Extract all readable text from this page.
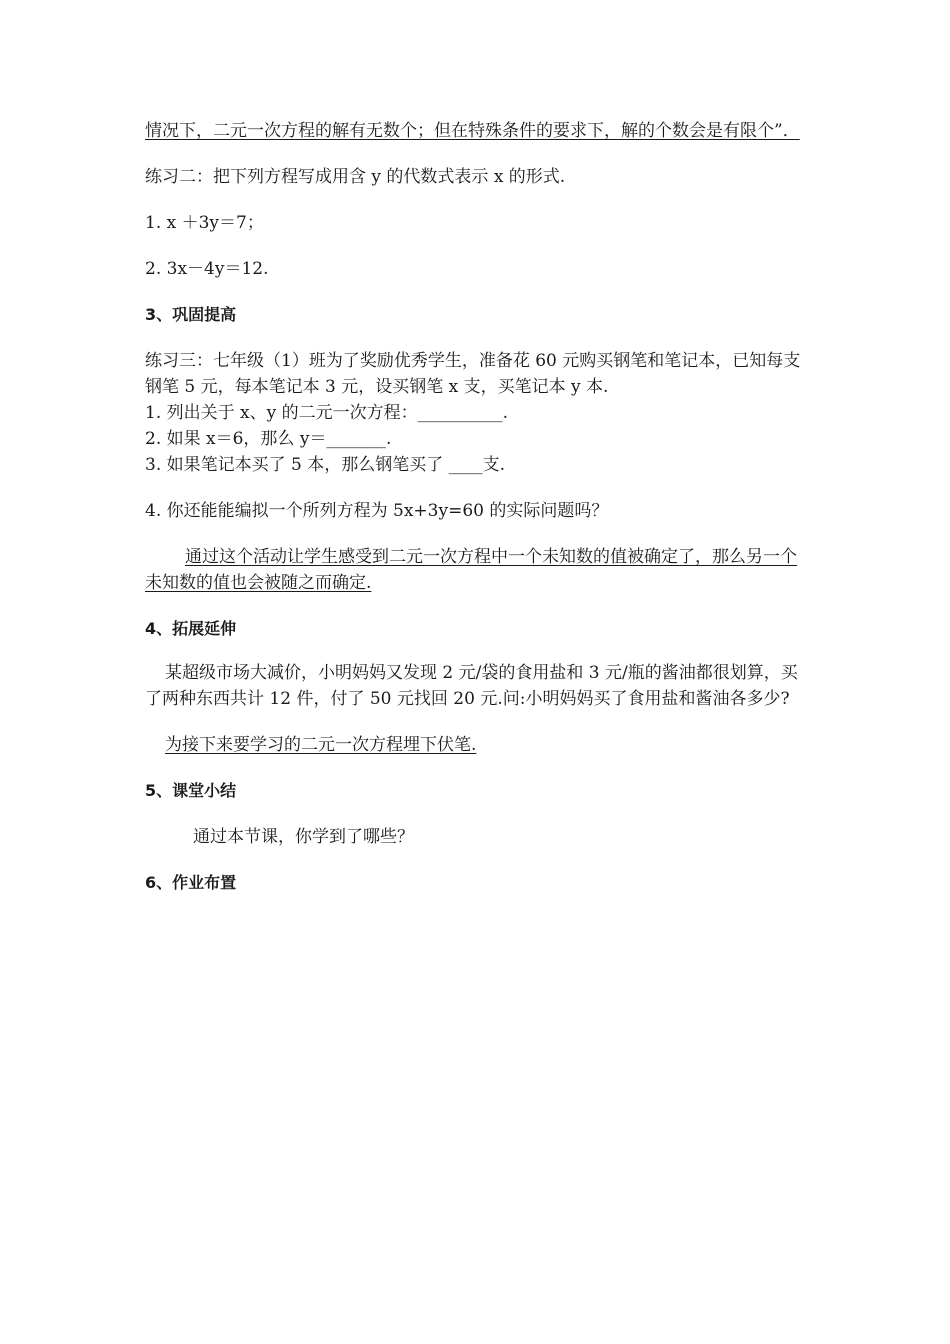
情况下，二元一次方程的解有无数个；但在特殊条件的要求下，解的个数会是有限个”．

练习二：把下列方程写成用含 y 的代数式表示 x 的形式.

1. x ＋3y＝7；

2. 3x－4y＝12.

3、巩固提高

练习三：七年级（1）班为了奖励优秀学生，准备花 60 元购买钢笔和笔记本，已知每支钢笔 5 元，每本笔记本 3 元，设买钢笔 x 支，买笔记本 y 本.

1. 列出关于 x、y 的二元一次方程：__________.

2. 如果 x＝6，那么 y＝_______.

3. 如果笔记本买了 5 本，那么钢笔买了 ____支.

4. 你还能能编拟一个所列方程为 5x+3y=60 的实际问题吗？

通过这个活动让学生感受到二元一次方程中一个未知数的值被确定了，那么另一个未知数的值也会被随之而确定.

4、拓展延伸

某超级市场大减价，小明妈妈又发现 2 元/袋的食用盐和 3 元/瓶的酱油都很划算，买了两种东西共计 12 件，付了 50 元找回 20 元.问:小明妈妈买了食用盐和酱油各多少?

为接下来要学习的二元一次方程埋下伏笔.

5、课堂小结

通过本节课，你学到了哪些？

6、作业布置
